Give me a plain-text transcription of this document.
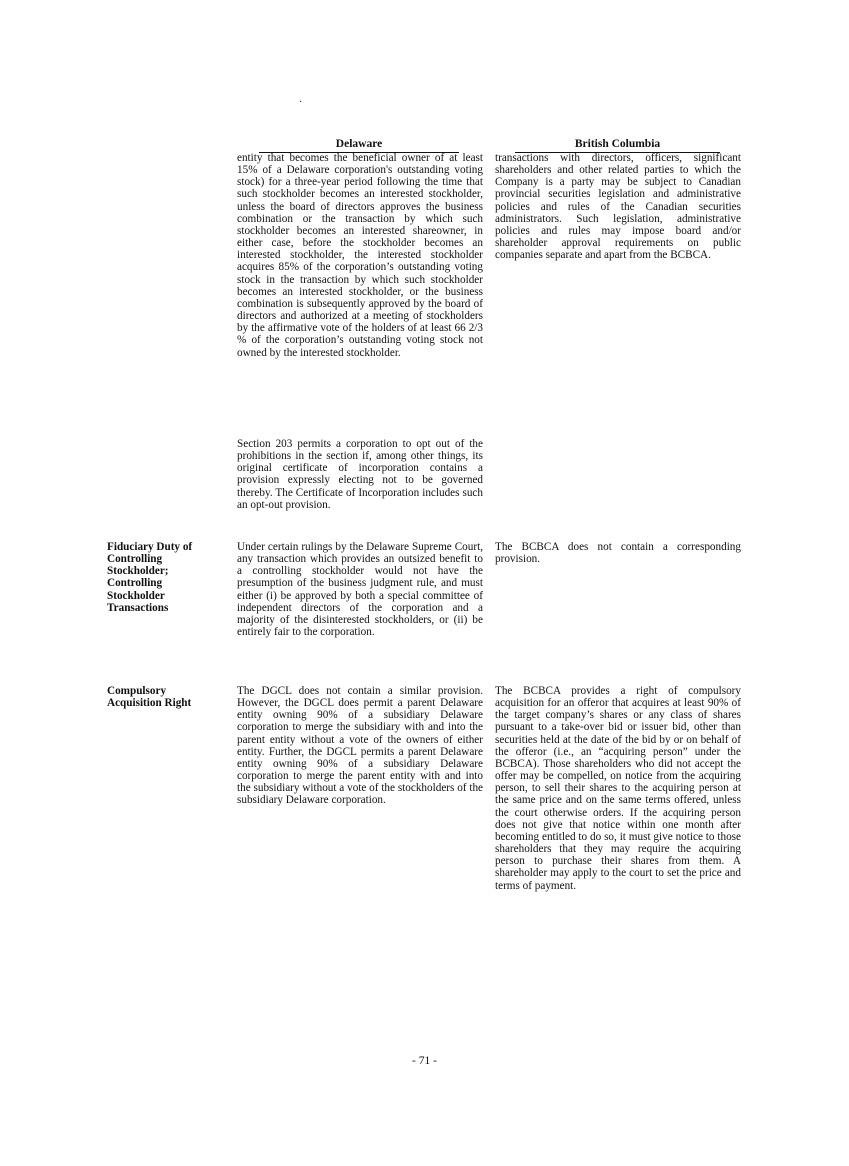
·
Delaware	British Columbia

entity that becomes the beneficial owner of at least 15% of a Delaware corporation's outstanding voting stock) for a three-year period following the time that such stockholder becomes an interested stockholder, unless the board of directors approves the business combination or the transaction by which such stockholder becomes an interested shareowner, in either case, before the stockholder becomes an interested stockholder, the interested stockholder acquires 85% of the corporation’s outstanding voting stock in the transaction by which such stockholder becomes an interested stockholder, or the business combination is subsequently approved by the board of directors and authorized at a meeting of stockholders by the affirmative vote of the holders of at least 66 2/3 % of the corporation’s outstanding voting stock not owned by the interested stockholder.

Section 203 permits a corporation to opt out of the prohibitions in the section if, among other things, its original certificate of incorporation contains a provision expressly electing not to be governed thereby. The Certificate of Incorporation includes such an opt-out provision.

transactions with directors, officers, significant shareholders and other related parties to which the Company is a party may be subject to Canadian provincial securities legislation and administrative policies and rules of the Canadian securities administrators. Such legislation, administrative policies and rules may impose board and/or shareholder approval requirements on public companies separate and apart from the BCBCA.

Fiduciary Duty of Controlling Stockholder; Controlling Stockholder Transactions

Under certain rulings by the Delaware Supreme Court, any transaction which provides an outsized benefit to a controlling stockholder would not have the presumption of the business judgment rule, and must either (i) be approved by both a special committee of independent directors of the corporation and a majority of the disinterested stockholders, or (ii) be entirely fair to the corporation.

The BCBCA does not contain a corresponding provision.

Compulsory Acquisition Right

The DGCL does not contain a similar provision. However, the DGCL does permit a parent Delaware entity owning 90% of a subsidiary Delaware corporation to merge the subsidiary with and into the parent entity without a vote of the owners of either entity. Further, the DGCL permits a parent Delaware entity owning 90% of a subsidiary Delaware corporation to merge the parent entity with and into the subsidiary without a vote of the stockholders of the subsidiary Delaware corporation.

The BCBCA provides a right of compulsory acquisition for an offeror that acquires at least 90% of the target company’s shares or any class of shares pursuant to a take-over bid or issuer bid, other than securities held at the date of the bid by or on behalf of the offeror (i.e., an “acquiring person” under the BCBCA). Those shareholders who did not accept the offer may be compelled, on notice from the acquiring person, to sell their shares to the acquiring person at the same price and on the same terms offered, unless the court otherwise orders. If the acquiring person does not give that notice within one month after becoming entitled to do so, it must give notice to those shareholders that they may require the acquiring person to purchase their shares from them. A shareholder may apply to the court to set the price and terms of payment.

- 71 -
